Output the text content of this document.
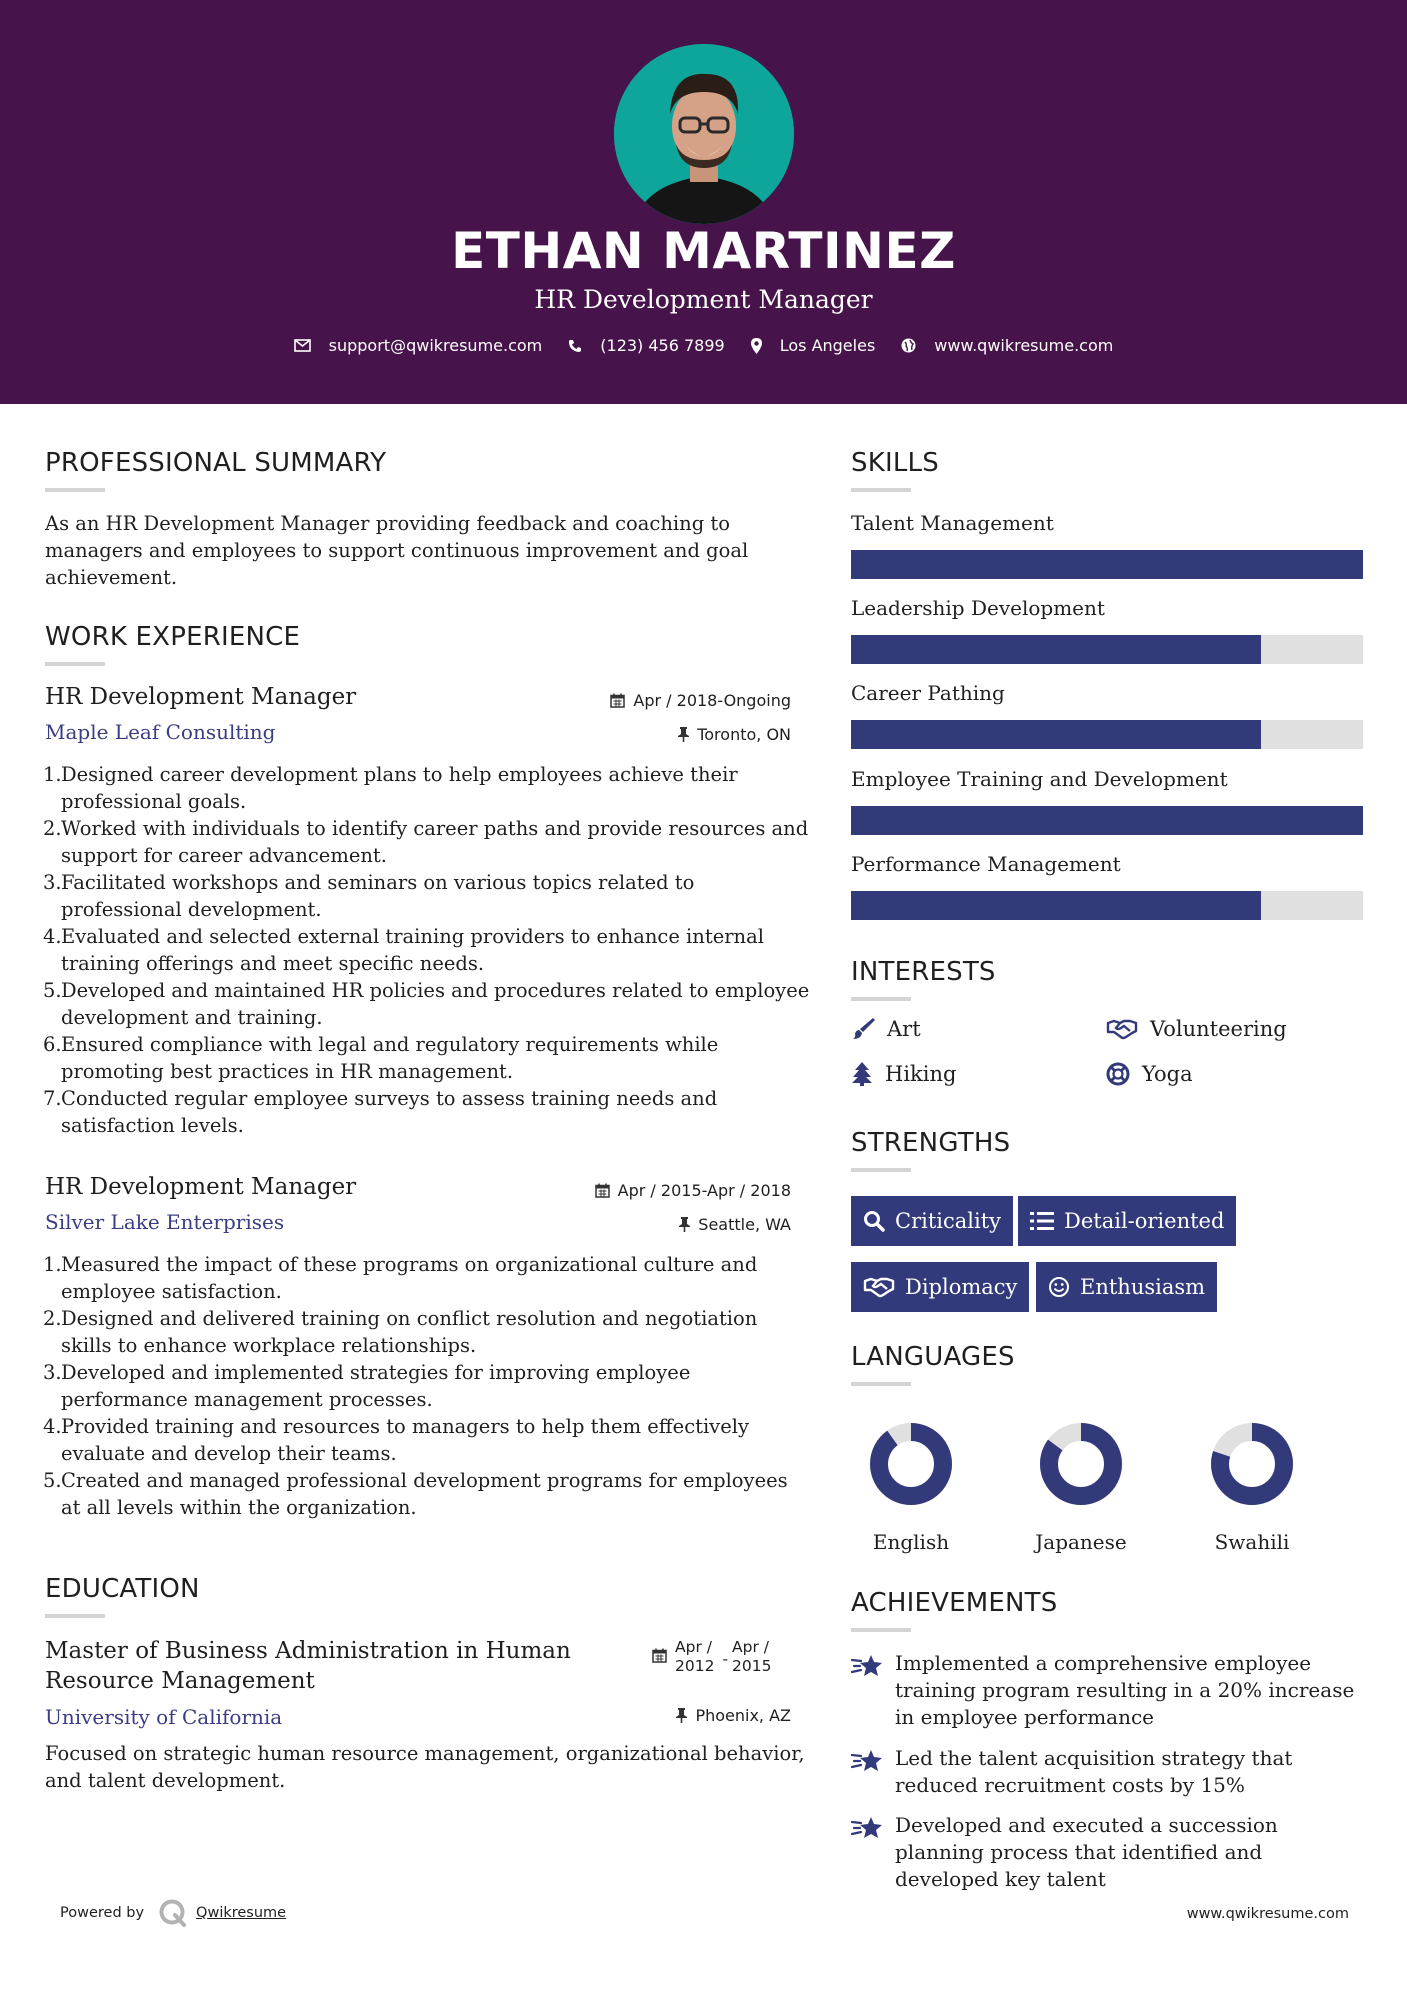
ETHAN MARTINEZ
HR Development Manager
support@qwikresume.com	(123) 456 7899	Los Angeles	www.qwikresume.com
PROFESSIONAL SUMMARY
As an HR Development Manager providing feedback and coaching to managers and employees to support continuous improvement and goal achievement.
WORK EXPERIENCE
HR Development Manager	Apr / 2018-Ongoing
Maple Leaf Consulting	Toronto, ON
1. Designed career development plans to help employees achieve their
professional goals.
2. Worked with individuals to identify career paths and provide resources and
support for career advancement.
3. Facilitated workshops and seminars on various topics related to
professional development.
4. Evaluated and selected external training providers to enhance internal
training offerings and meet specific needs.
5. Developed and maintained HR policies and procedures related to employee
development and training.
6. Ensured compliance with legal and regulatory requirements while
promoting best practices in HR management.
7. Conducted regular employee surveys to assess training needs and
satisfaction levels.
HR Development Manager	Apr / 2015-Apr / 2018
Silver Lake Enterprises	Seattle, WA
1. Measured the impact of these programs on organizational culture and
employee satisfaction.
2. Designed and delivered training on conflict resolution and negotiation
skills to enhance workplace relationships.
3. Developed and implemented strategies for improving employee
performance management processes.
4. Provided training and resources to managers to help them effectively
evaluate and develop their teams.
5. Created and managed professional development programs for employees
at all levels within the organization.
EDUCATION
Master of Business Administration in Human
Resource Management
Apr /
2012 -
Apr /
2015
University of California	Phoenix, AZ
Focused on strategic human resource management, organizational behavior, and talent development.
SKILLS
Talent Management
Leadership Development
Career Pathing
Employee Training and Development
Performance Management
INTERESTS
Art	Volunteering
Hiking	Yoga
STRENGTHS
Criticality	Detail-oriented
Diplomacy	Enthusiasm
LANGUAGES
English	Japanese	Swahili
ACHIEVEMENTS
Implemented a comprehensive employee training program resulting in a 20% increase in employee performance
Led the talent acquisition strategy that reduced recruitment costs by 15%
Developed and executed a succession planning process that identified and developed key talent
Powered by	Qwikresume	www.qwikresume.com
